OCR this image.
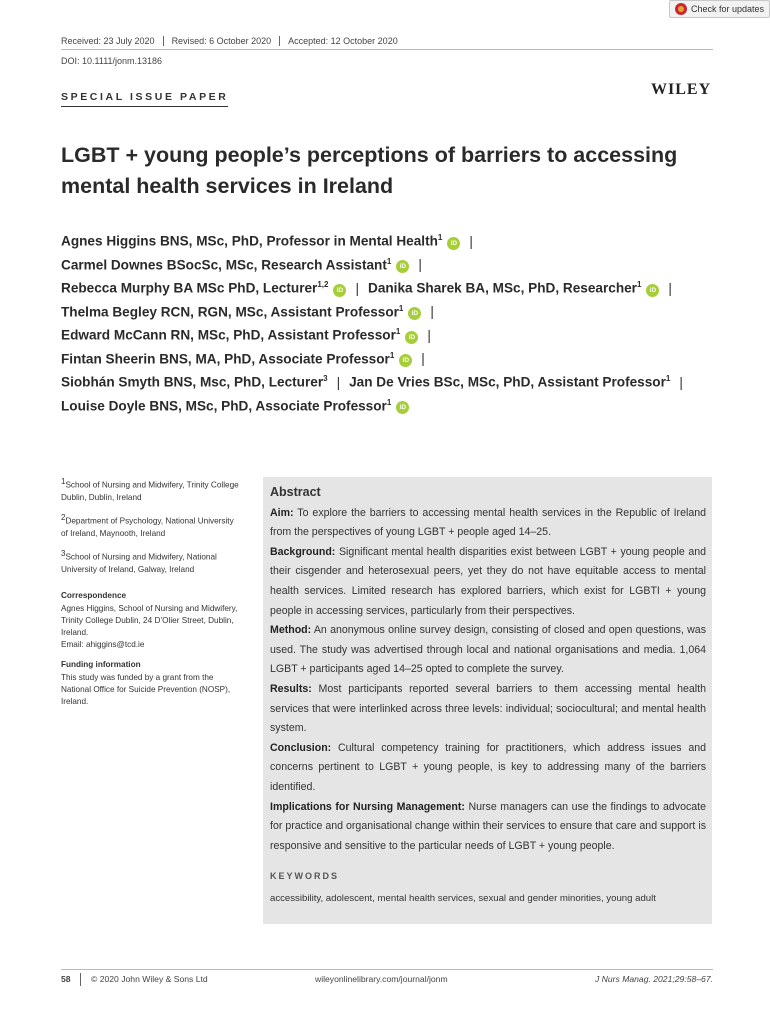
Check for updates
Received: 23 July 2020	Revised: 6 October 2020	Accepted: 12 October 2020
DOI: 10.1111/jonm.13186
SPECIAL ISSUE PAPER	WILEY
LGBT + young people’s perceptions of barriers to accessing mental health services in Ireland
Agnes Higgins BNS, MSc, PhD, Professor in Mental Health$^1$iD |
Carmel Downes BSocSc, MSc, Research Assistant$^1$iD |
Rebecca Murphy BA MSc PhD, Lecturer$^{1,2}$iD | Danika Sharek BA, MSc, PhD, Researcher$^1$iD |
Thelma Begley RCN, RGN, MSc, Assistant Professor$^1$iD |
Edward McCann RN, MSc, PhD, Assistant Professor$^1$iD |
Fintan Sheerin BNS, MA, PhD, Associate Professor$^1$iD |
Siobhán Smyth BNS, Msc, PhD, Lecturer$^3$ | Jan De Vries BSc, MSc, PhD, Assistant Professor$^1$ |
Louise Doyle BNS, MSc, PhD, Associate Professor$^1$iD

$^1$School of Nursing and Midwifery, Trinity College Dublin, Dublin, Ireland

$^2$Department of Psychology, National University of Ireland, Maynooth, Ireland

$^3$School of Nursing and Midwifery, National University of Ireland, Galway, Ireland

Correspondence
Agnes Higgins, School of Nursing and Midwifery, Trinity College Dublin, 24 D’Olier Street, Dublin, Ireland.
Email: ahiggins@tcd.ie

Funding information
This study was funded by a grant from the National Office for Suicide Prevention (NOSP), Ireland.

Abstract

Aim: To explore the barriers to accessing mental health services in the Republic of Ireland from the perspectives of young LGBT + people aged 14–25.

Background: Significant mental health disparities exist between LGBT + young people and their cisgender and heterosexual peers, yet they do not have equitable access to mental health services. Limited research has explored barriers, which exist for LGBTI + young people in accessing services, particularly from their perspectives.

Method: An anonymous online survey design, consisting of closed and open questions, was used. The study was advertised through local and national organisations and media. 1,064 LGBT + participants aged 14–25 opted to complete the survey.

Results: Most participants reported several barriers to them accessing mental health services that were interlinked across three levels: individual; sociocultural; and mental health system.

Conclusion: Cultural competency training for practitioners, which address issues and concerns pertinent to LGBT + young people, is key to addressing many of the barriers identified.

Implications for Nursing Management: Nurse managers can use the findings to advocate for practice and organisational change within their services to ensure that care and support is responsive and sensitive to the particular needs of LGBT + young people.

KEYWORDS
accessibility, adolescent, mental health services, sexual and gender minorities, young adult
58 © 2020 John Wiley & Sons Ltd	wileyonlinelibrary.com/journal/jonm	J Nurs Manag. 2021;29:58–67.
